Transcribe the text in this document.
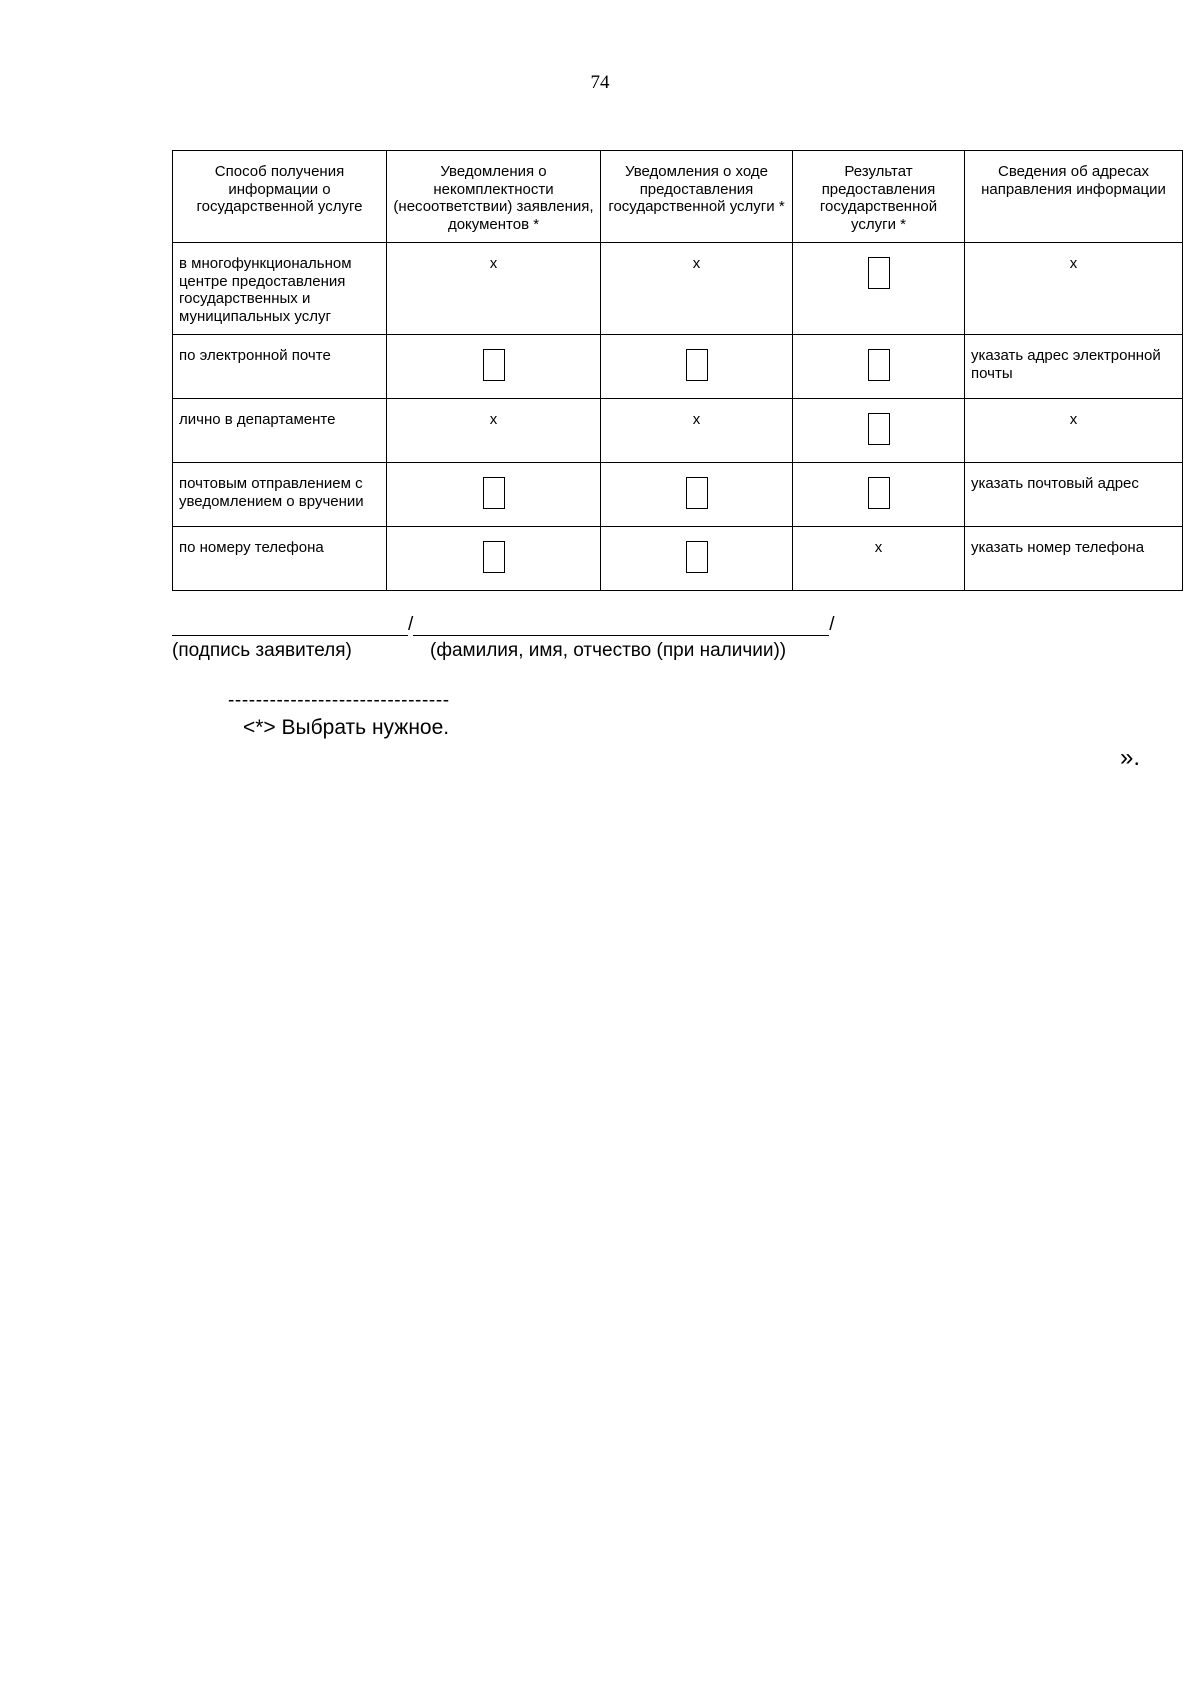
74
Способ получения информации о государственной услуге	Уведомления о некомплектности (несоответствии) заявления, документов *	Уведомления о ходе предоставления государственной услуги *	Результат предоставления государственной услуги *	Сведения об адресах направления информации
в многофункциональном центре предоставления государственных и муниципальных услуг	x	x		x
по электронной почте				указать адрес электронной почты
лично в департаменте	x	x		x
почтовым отправлением с уведомлением о вручении				указать почтовый адрес
по номеру телефона			x	указать номер телефона
/	/
(подпись заявителя)	(фамилия, имя, отчество (при наличии))
--------------------------------
<*> Выбрать нужное.
».
